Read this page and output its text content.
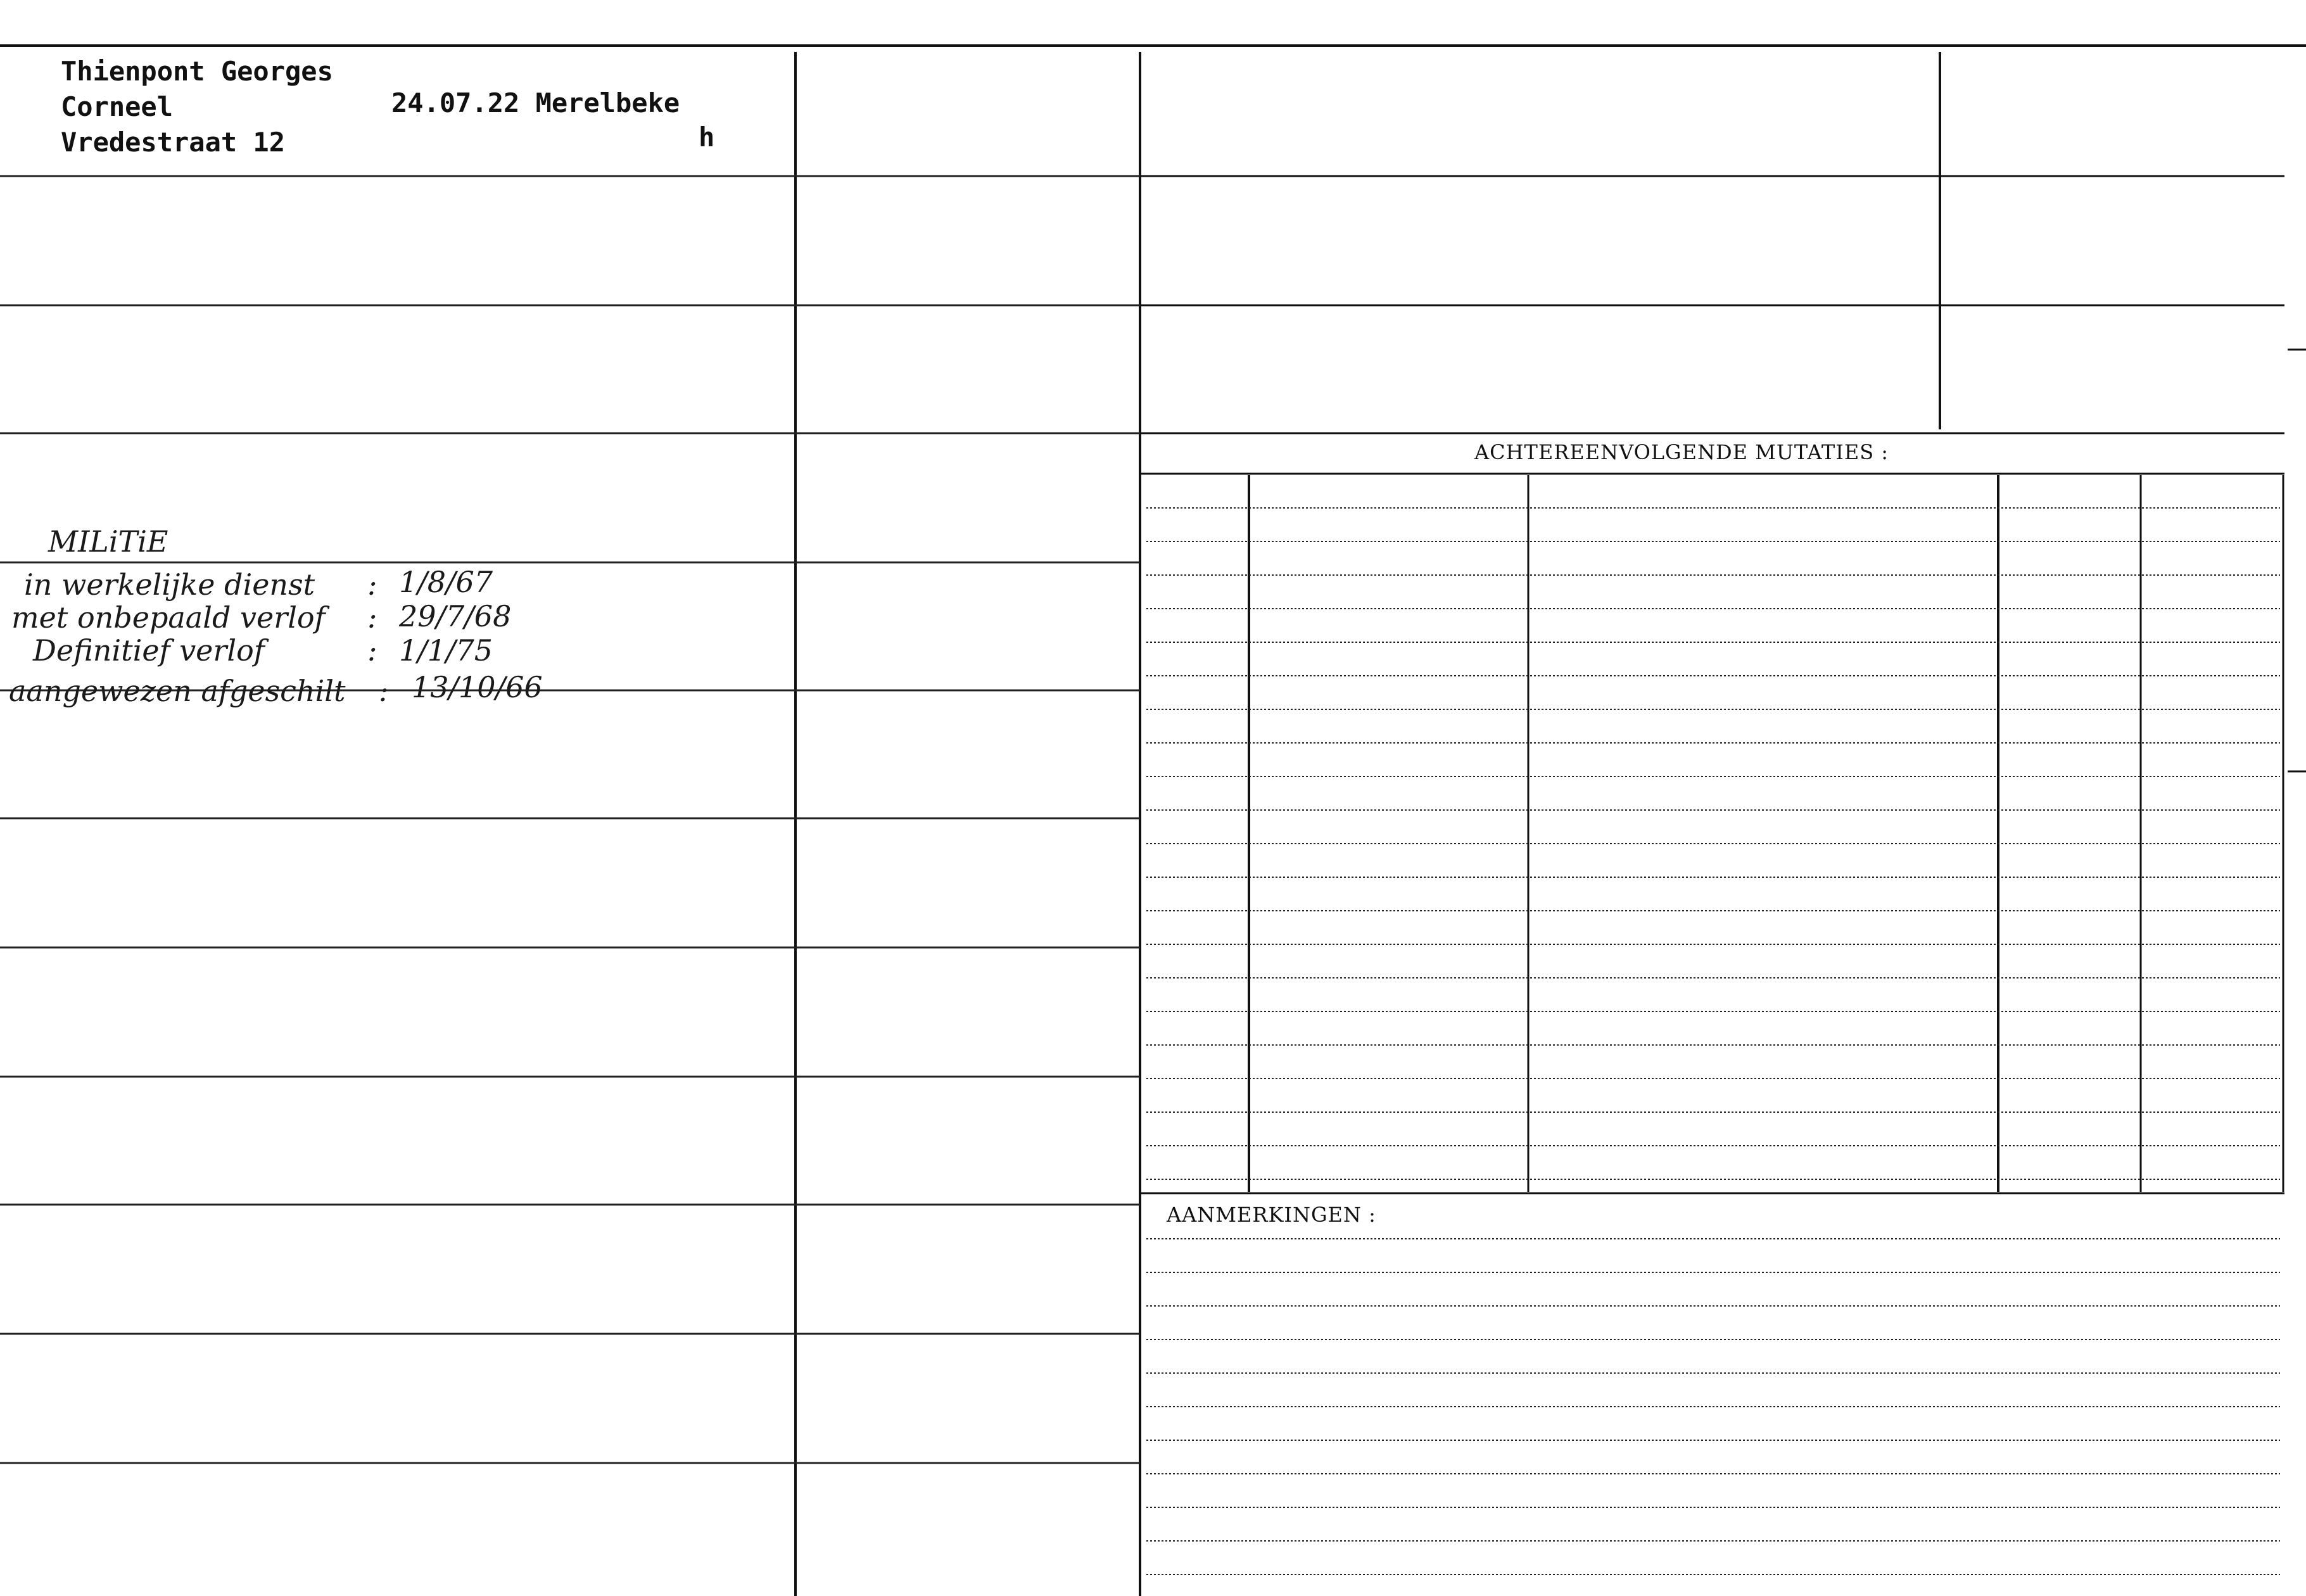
Thienpont Georges
Corneel
Vredestraat 12
24.07.22 Merelbeke
h
ACHTEREENVOLGENDE MUTATIES :
AANMERKINGEN :
MILiTiE
in werkelijke dienst : 1/8/67
met onbepaald verlof : 29/7/68
Definitief verlof	: 1/1/75
aangewezen afgeschilt : 13/10/66
